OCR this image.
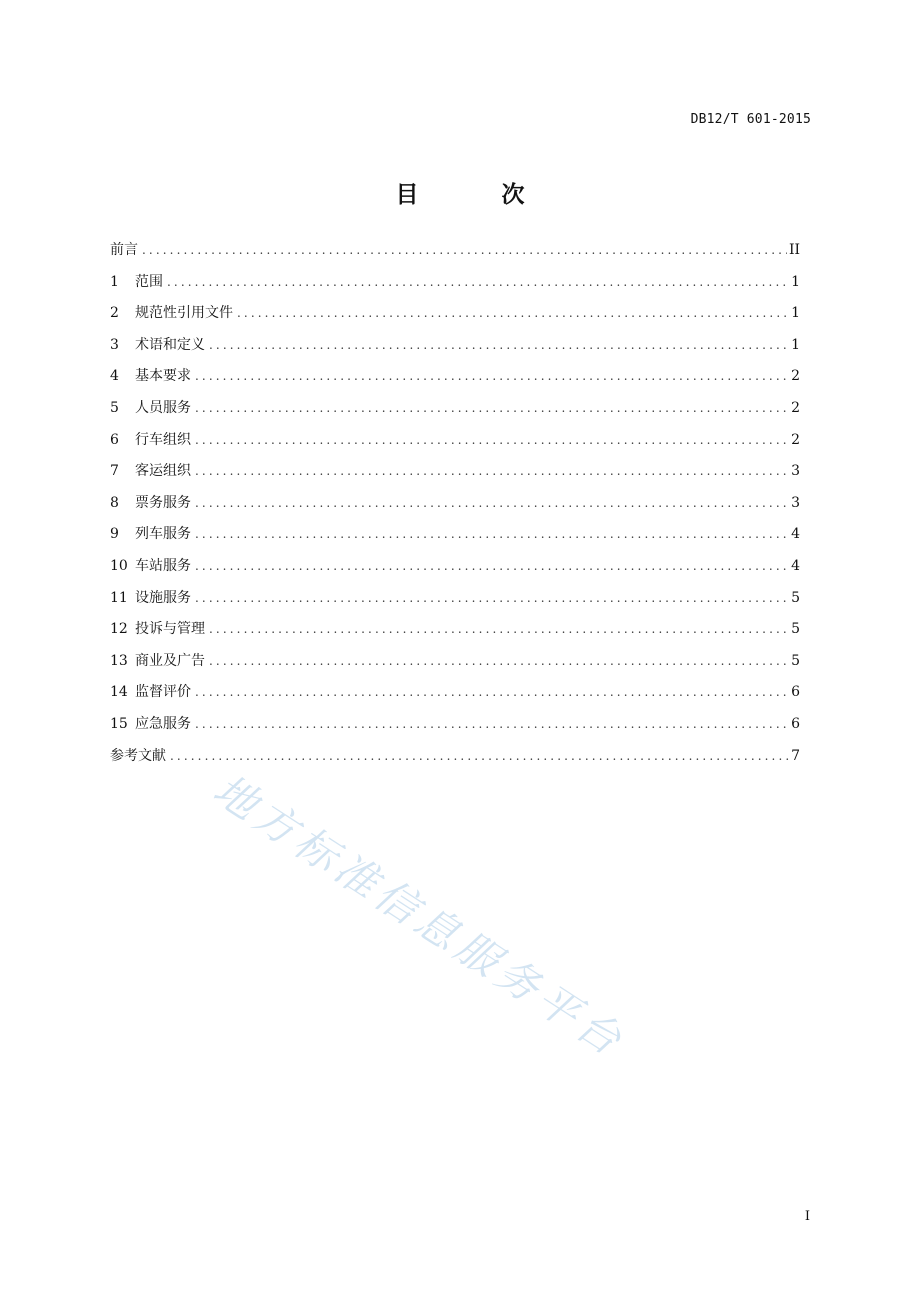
DB12/T 601-2015
目　次
前言 .....	II
1	范围 .....	1
2	规范性引用文件 .....	1
3	术语和定义 .....	1
4	基本要求 .....	2
5	人员服务 .....	2
6	行车组织 .....	2
7	客运组织 .....	3
8	票务服务 .....	3
9	列车服务 .....	4
10 车站服务 .....	4
11 设施服务 .....	5
12 投诉与管理 .....	5
13 商业及广告 .....	5
14 监督评价 .....	6
15 应急服务 .....	6
参考文献 .....	7
地方标准信息服务平台
I
